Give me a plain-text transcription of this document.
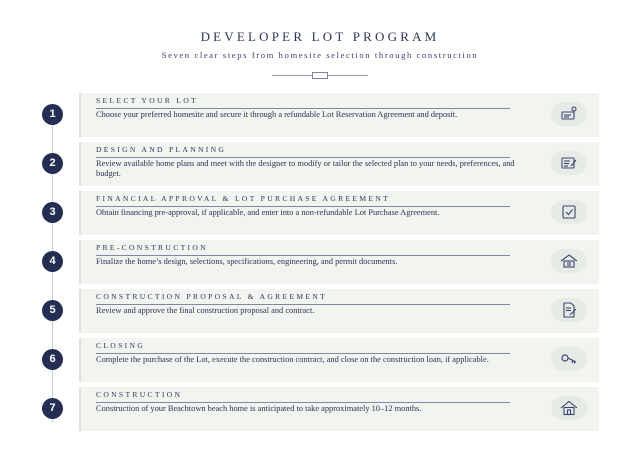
DEVELOPER LOT PROGRAM
Seven clear steps from homesite selection through construction
1
SELECT YOUR LOT
Choose your preferred homesite and secure it through a refundable Lot Reservation Agreement and deposit.
2
DESIGN AND PLANNING
Review available home plans and meet with the designer to modify or tailor the selected plan to your needs, preferences, and budget.
3
FINANCIAL APPROVAL & LOT PURCHASE AGREEMENT
Obtain financing pre-approval, if applicable, and enter into a non-refundable Lot Purchase Agreement.
4
PRE-CONSTRUCTION
Finalize the home’s design, selections, specifications, engineering, and permit documents.
5
CONSTRUCTION PROPOSAL & AGREEMENT
Review and approve the final construction proposal and contract.
6
CLOSING
Complete the purchase of the Lot, execute the construction contract, and close on the construction loan, if applicable.
7
CONSTRUCTION
Construction of your Beachtown beach home is anticipated to take approximately 10–12 months.
